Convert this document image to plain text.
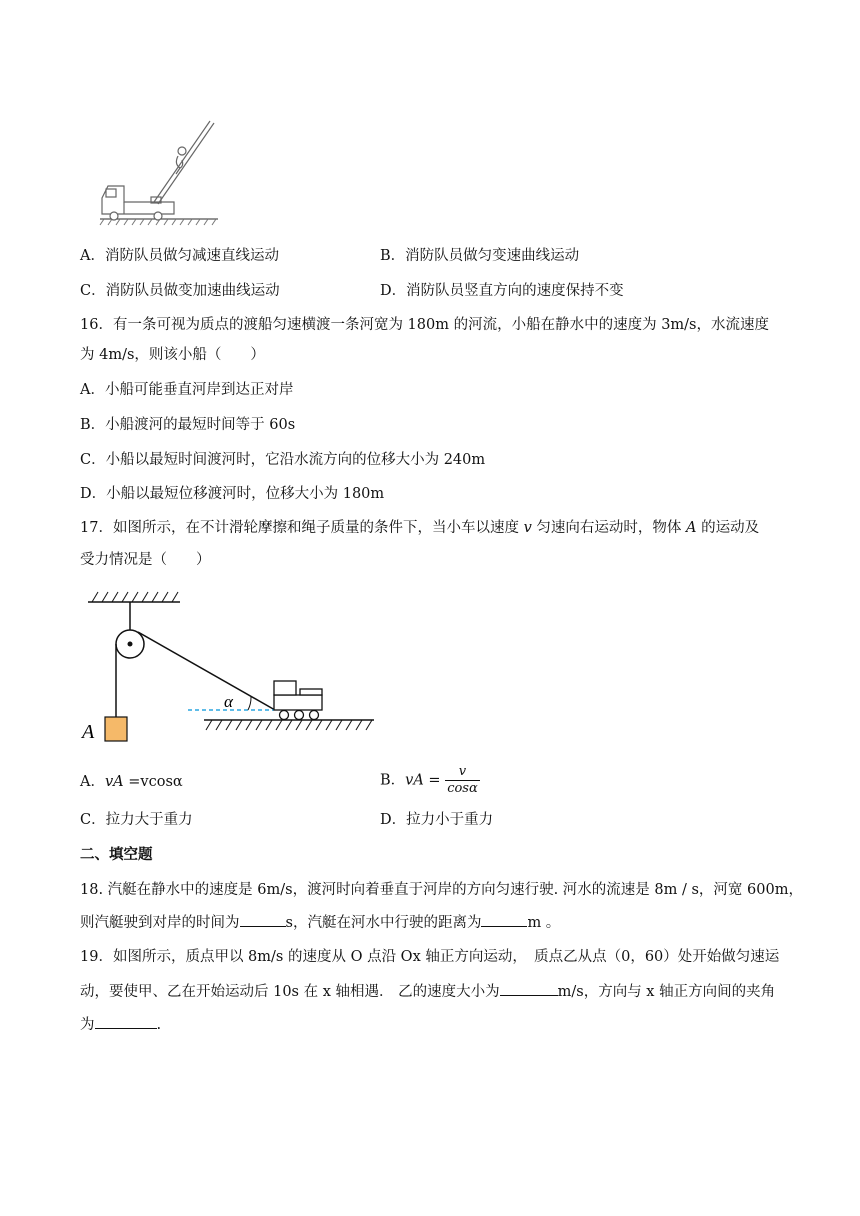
A．消防队员做匀减速直线运动	B．消防队员做匀变速曲线运动
C．消防队员做变加速曲线运动	D．消防队员竖直方向的速度保持不变
16．有一条可视为质点的渡船匀速横渡一条河宽为 180m 的河流，小船在静水中的速度为 3m/s，水流速度
为 4m/s，则该小船（　　）
A．小船可能垂直河岸到达正对岸
B．小船渡河的最短时间等于 60s
C．小船以最短时间渡河时，它沿水流方向的位移大小为 240m
D．小船以最短位移渡河时，位移大小为 180m
17．如图所示，在不计滑轮摩擦和绳子质量的条件下，当小车以速度 v 匀速向右运动时，物体 A 的运动及
受力情况是（　　）
A
α
A．vA =vcosα	B．vA = $\frac{v}{\cos\alpha}$
C．拉力大于重力	D．拉力小于重力
二、填空题
18. 汽艇在静水中的速度是 6m/s，渡河时向着垂直于河岸的方向匀速行驶. 河水的流速是 8m / s，河宽 600m，
则汽艇驶到对岸的时间为	s，汽艇在河水中行驶的距离为	m 。
19．如图所示，质点甲以 8m/s 的速度从 O 点沿 Ox 轴正方向运动，　质点乙从点（0，60）处开始做匀速运
动，要使甲、乙在开始运动后 10s 在 x 轴相遇． 乙的速度大小为	m/s，方向与 x 轴正方向间的夹角
为	.
